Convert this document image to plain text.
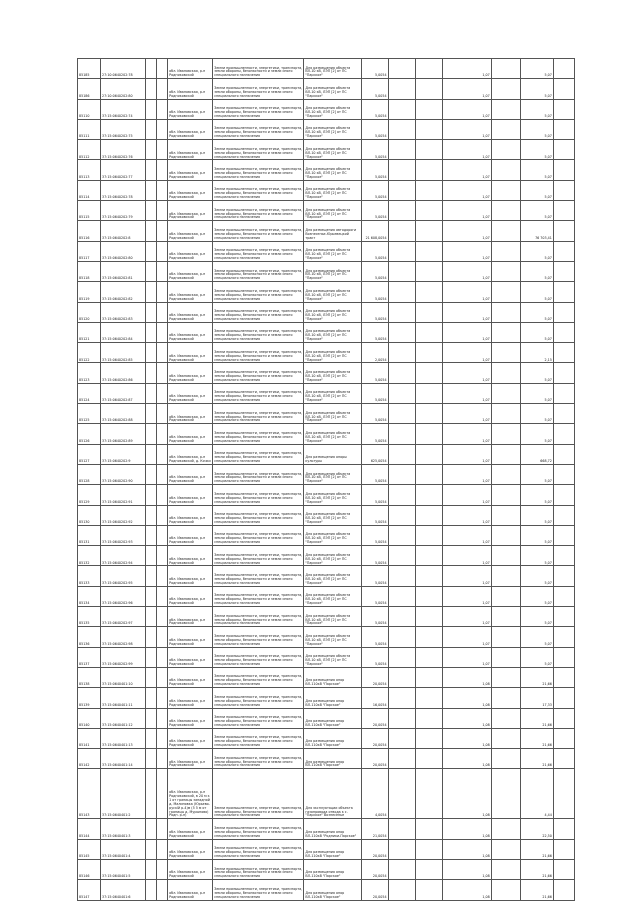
85185	27:10:0640202:78			обл. Ивановская, р-н Родниковский	Земли промышленности, энергетики, транспорта, земли обороны, безопасности и земли иного специального назначения	Для размещения объекта ВЛ-10 кВ, ЛЭП [2] от ПС "Парское"	5,0054			1,07		5,07	
85186	27:10:0640202:80			обл. Ивановская, р-н Родниковский	Земли промышленности, энергетики, транспорта, земли обороны, безопасности и земли иного специального назначения	Для размещения объекта ВЛ-10 кВ, ЛЭП [2] от ПС "Парское"	5,0054			1,07		5,07	
85110	37:15:0640202:74			обл. Ивановская, р-н Родниковский	Земли промышленности, энергетики, транспорта, земли обороны, безопасности и земли иного специального назначения	Для размещения объекта ВЛ-10 кВ, ЛЭП [2] от ПС "Парское"	5,0054			1,07		5,07	
85111	37:15:0640202:75			обл. Ивановская, р-н Родниковский	Земли промышленности, энергетики, транспорта, земли обороны, безопасности и земли иного специального назначения	Для размещения объекта ВЛ-10 кВ, ЛЭП [2] от ПС "Парское"	5,0054			1,07		5,07	
85112	37:15:0640202:76			обл. Ивановская, р-н Родниковский	Земли промышленности, энергетики, транспорта, земли обороны, безопасности и земли иного специального назначения	Для размещения объекта ВЛ-10 кВ, ЛЭП [2] от ПС "Парское"	5,0054			1,07		5,07	
85113	37:15:0640202:77			обл. Ивановская, р-н Родниковский	Земли промышленности, энергетики, транспорта, земли обороны, безопасности и земли иного специального назначения	Для размещения объекта ВЛ-10 кВ, ЛЭП [2] от ПС "Парское"	5,0054			1,07		5,07	
85114	37:15:0640202:78			обл. Ивановская, р-н Родниковский	Земли промышленности, энергетики, транспорта, земли обороны, безопасности и земли иного специального назначения	Для размещения объекта ВЛ-10 кВ, ЛЭП [2] от ПС "Парское"	5,0054			1,07		5,07	
85115	37:15:0640202:79			обл. Ивановская, р-н Родниковский	Земли промышленности, энергетики, транспорта, земли обороны, безопасности и земли иного специального назначения	Для размещения объекта ВЛ-10 кВ, ЛЭП [2] от ПС "Парское"	5,0054			1,07		5,07	
85116	37:15:0640202:8			обл. Ивановская, р-н Родниковский	Земли промышленности, энергетики, транспорта, земли обороны, безопасности и земли иного специального назначения	Для размещения автодороги Вознесенье-Юрьевецкий тракт	21 608,0054			1,07		76 703,41	
85117	37:15:0640202:80			обл. Ивановская, р-н Родниковский	Земли промышленности, энергетики, транспорта, земли обороны, безопасности и земли иного специального назначения	Для размещения объекта ВЛ-10 кВ, ЛЭП [2] от ПС "Парское"	5,0054			1,07		5,07	
85118	37:15:0640202:81			обл. Ивановская, р-н Родниковский	Земли промышленности, энергетики, транспорта, земли обороны, безопасности и земли иного специального назначения	Для размещения объекта ВЛ-10 кВ, ЛЭП [2] от ПС "Парское"	5,0054			1,07		5,07	
85119	37:15:0640202:82			обл. Ивановская, р-н Родниковский	Земли промышленности, энергетики, транспорта, земли обороны, безопасности и земли иного специального назначения	Для размещения объекта ВЛ-10 кВ, ЛЭП [2] от ПС "Парское"	5,0054			1,07		5,07	
85120	37:15:0640202:83			обл. Ивановская, р-н Родниковский	Земли промышленности, энергетики, транспорта, земли обороны, безопасности и земли иного специального назначения	Для размещения объекта ВЛ-10 кВ, ЛЭП [2] от ПС "Парское"	5,0054			1,07		5,07	
85121	37:15:0640202:84			обл. Ивановская, р-н Родниковский	Земли промышленности, энергетики, транспорта, земли обороны, безопасности и земли иного специального назначения	Для размещения объекта ВЛ-10 кВ, ЛЭП [2] от ПС "Парское"	5,0054			1,07		5,07	
85122	37:15:0640202:85			обл. Ивановская, р-н Родниковский	Земли промышленности, энергетики, транспорта, земли обороны, безопасности и земли иного специального назначения	Для размещения объекта ВЛ-10 кВ, ЛЭП [2] от ПС "Парское"	2,0054			1,07		2,15	
85123	37:15:0640202:86			обл. Ивановская, р-н Родниковский	Земли промышленности, энергетики, транспорта, земли обороны, безопасности и земли иного специального назначения	Для размещения объекта ВЛ-10 кВ, ЛЭП [2] от ПС "Парское"	5,0054			1,07		5,07	
85124	37:15:0640202:87			обл. Ивановская, р-н Родниковский	Земли промышленности, энергетики, транспорта, земли обороны, безопасности и земли иного специального назначения	Для размещения объекта ВЛ-10 кВ, ЛЭП [2] от ПС "Парское"	5,0054			1,07		5,07	
85125	37:15:0640202:88			обл. Ивановская, р-н Родниковский	Земли промышленности, энергетики, транспорта, земли обороны, безопасности и земли иного специального назначения	Для размещения объекта ВЛ-10 кВ, ЛЭП [2] от ПС "Парское"	5,0054			1,07		5,07	
85126	37:15:0640202:89			обл. Ивановская, р-н Родниковский	Земли промышленности, энергетики, транспорта, земли обороны, безопасности и земли иного специального назначения	Для размещения объекта ВЛ-10 кВ, ЛЭП [2] от ПС "Парское"	5,0054			1,07		5,07	
85127	37:15:0640202:9			обл. Ивановская, р-н Родниковский, д. Кочки	Земли промышленности, энергетики, транспорта, земли обороны, безопасности и земли иного специального назначения	Для размещения опоры культуры	625,0054			1,07		668,72	
85128	37:15:0640202:90			обл. Ивановская, р-н Родниковский	Земли промышленности, энергетики, транспорта, земли обороны, безопасности и земли иного специального назначения	Для размещения объекта ВЛ-10 кВ, ЛЭП [2] от ПС "Парское"	5,0054			1,07		5,07	
85129	37:15:0640202:91			обл. Ивановская, р-н Родниковский	Земли промышленности, энергетики, транспорта, земли обороны, безопасности и земли иного специального назначения	Для размещения объекта ВЛ-10 кВ, ЛЭП [2] от ПС "Парское"	5,0054			1,07		5,07	
85130	37:15:0640202:92			обл. Ивановская, р-н Родниковский	Земли промышленности, энергетики, транспорта, земли обороны, безопасности и земли иного специального назначения	Для размещения объекта ВЛ-10 кВ, ЛЭП [2] от ПС "Парское"	5,0054			1,07		5,07	
85131	37:15:0640202:93			обл. Ивановская, р-н Родниковский	Земли промышленности, энергетики, транспорта, земли обороны, безопасности и земли иного специального назначения	Для размещения объекта ВЛ-10 кВ, ЛЭП [2] от ПС "Парское"	5,0054			1,07		5,07	
85132	37:15:0640202:94			обл. Ивановская, р-н Родниковский	Земли промышленности, энергетики, транспорта, земли обороны, безопасности и земли иного специального назначения	Для размещения объекта ВЛ-10 кВ, ЛЭП [2] от ПС "Парское"	5,0054			1,07		5,07	
85133	37:15:0640202:95			обл. Ивановская, р-н Родниковский	Земли промышленности, энергетики, транспорта, земли обороны, безопасности и земли иного специального назначения	Для размещения объекта ВЛ-10 кВ, ЛЭП [2] от ПС "Парское"	5,0054			1,07		5,07	
85134	37:15:0640202:96			обл. Ивановская, р-н Родниковский	Земли промышленности, энергетики, транспорта, земли обороны, безопасности и земли иного специального назначения	Для размещения объекта ВЛ-10 кВ, ЛЭП [2] от ПС "Парское"	5,0054			1,07		5,07	
85135	37:15:0640202:97			обл. Ивановская, р-н Родниковский	Земли промышленности, энергетики, транспорта, земли обороны, безопасности и земли иного специального назначения	Для размещения объекта ВЛ-10 кВ, ЛЭП [2] от ПС "Парское"	5,0054			1,07		5,07	
85136	37:15:0640202:98			обл. Ивановская, р-н Родниковский	Земли промышленности, энергетики, транспорта, земли обороны, безопасности и земли иного специального назначения	Для размещения объекта ВЛ-10 кВ, ЛЭП [2] от ПС "Парское"	5,0054			1,07		5,07	
85137	37:15:0640202:99			обл. Ивановская, р-н Родниковский	Земли промышленности, энергетики, транспорта, земли обороны, безопасности и земли иного специального назначения	Для размещения объекта ВЛ-10 кВ, ЛЭП [2] от ПС "Парское"	5,0054			1,07		5,07	
85138	37:15:0640401:10			обл. Ивановская, р-н Родниковский	Земли промышленности, энергетики, транспорта, земли обороны, безопасности и земли иного специального назначения	Для размещения опор ВЛ-110кВ "Парское"	20,0054			1,08		21,66	
85139	37:15:0640401:11			обл. Ивановская, р-н Родниковский	Земли промышленности, энергетики, транспорта, земли обороны, безопасности и земли иного специального назначения	Для размещения опор ВЛ-110кВ "Парское"	16,0054			1,08		17,33	
85140	37:15:0640401:12			обл. Ивановская, р-н Родниковский	Земли промышленности, энергетики, транспорта, земли обороны, безопасности и земли иного специального назначения	Для размещения опор ВЛ-110кВ "Парское"	20,0054			1,08		21,66	
85141	37:15:0640401:13			обл. Ивановская, р-н Родниковский	Земли промышленности, энергетики, транспорта, земли обороны, безопасности и земли иного специального назначения	Для размещения опор ВЛ-110кВ "Парское"	20,0054			1,08		21,66	
85142	37:15:0640401:14			обл. Ивановская, р-н Родниковский	Земли промышленности, энергетики, транспорта, земли обороны, безопасности и земли иного специального назначения	Для размещения опор ВЛ-110кВ "Парское"	20,0054			1,08		21,66	
85143	37:15:0640401:2			обл. Ивановская, р-н Родниковский, в 20 м к 1 от границы западной д. Малиновка (Юрьево-рускій р-4)м (5 5 м от границы д. Мурыново) Родн. р-н)	Земли промышленности, энергетики, транспорта, земли обороны, безопасности и земли иного специального назначения	Для эксплуатации объекта газопровода отвода к с. "Парское" Вознесенье	4,0054			1,08		4,44	
85144	37:15:0640401:3			обл. Ивановская, р-н Родниковский	Земли промышленности, энергетики, транспорта, земли обороны, безопасности и земли иного специального назначения	Для размещения опор ВЛ-110кВ "Родники-Парское"	21,0054			1,08		22,50	
85145	37:15:0640401:4			обл. Ивановская, р-н Родниковский	Земли промышленности, энергетики, транспорта, земли обороны, безопасности и земли иного специального назначения	Для размещения опор ВЛ-110кВ "Парское"	20,0054			1,08		21,66	
85146	37:15:0640401:5			обл. Ивановская, р-н Родниковский	Земли промышленности, энергетики, транспорта, земли обороны, безопасности и земли иного специального назначения	Для размещения опор ВЛ-110кВ "Парское"	20,0054			1,08		21,66	
85147	37:15:0640401:6			обл. Ивановская, р-н Родниковский	Земли промышленности, энергетики, транспорта, земли обороны, безопасности и земли иного специального назначения	Для размещения опор ВЛ-110кВ "Парское"	20,0054			1,08		21,66	
